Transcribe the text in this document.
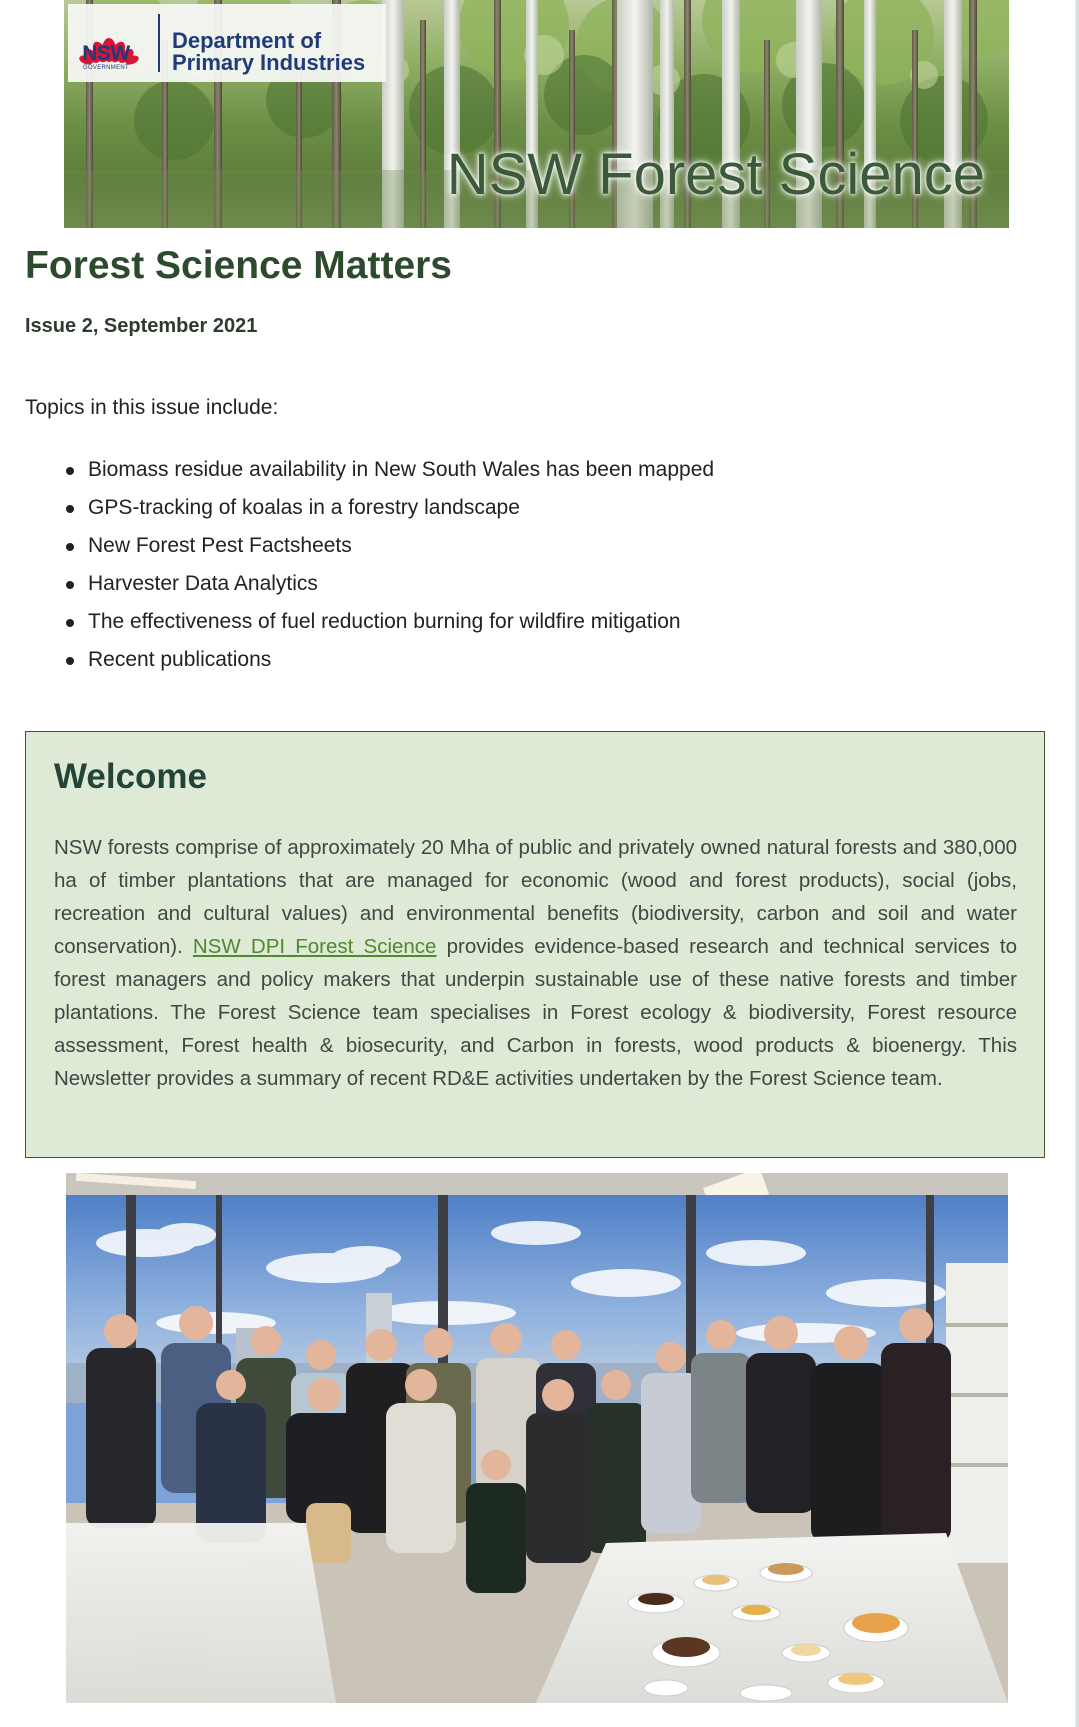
NSW
GOVERNMENT
Department of
Primary Industries
NSW Forest Science
Forest Science Matters

Issue 2, September 2021

Topics in this issue include:

Biomass residue availability in New South Wales has been mapped
GPS-tracking of koalas in a forestry landscape
New Forest Pest Factsheets
Harvester Data Analytics
The effectiveness of fuel reduction burning for wildfire mitigation
Recent publications
Welcome

NSW forests comprise of approximately 20 Mha of public and privately owned natural forests and 380,000 ha of timber plantations that are managed for economic (wood and forest products), social (jobs, recreation and cultural values) and environmental benefits (biodiversity, carbon and soil and water conservation). NSW DPI Forest Science provides evidence-based research and technical services to forest managers and policy makers that underpin sustainable use of these native forests and timber plantations. The Forest Science team specialises in Forest ecology & biodiversity, Forest resource assessment, Forest health & biosecurity, and Carbon in forests, wood products & bioenergy. This Newsletter provides a summary of recent RD&E activities undertaken by the Forest Science team.
